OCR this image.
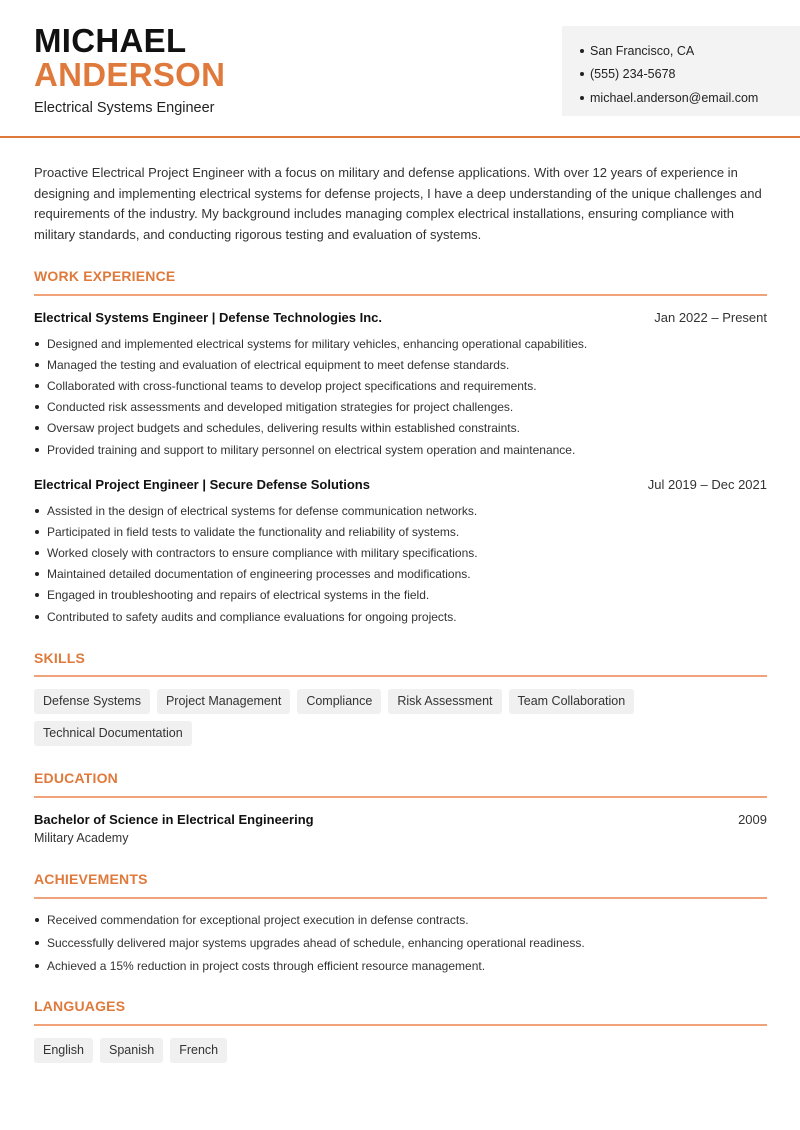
MICHAEL
ANDERSON
Electrical Systems Engineer
San Francisco, CA
(555) 234-5678
michael.anderson@email.com

Proactive Electrical Project Engineer with a focus on military and defense applications. With over 12 years of experience in designing and implementing electrical systems for defense projects, I have a deep understanding of the unique challenges and requirements of the industry. My background includes managing complex electrical installations, ensuring compliance with military standards, and conducting rigorous testing and evaluation of systems.

WORK EXPERIENCE
Electrical Systems Engineer | Defense Technologies Inc.	Jan 2022 – Present
Designed and implemented electrical systems for military vehicles, enhancing operational capabilities.
Managed the testing and evaluation of electrical equipment to meet defense standards.
Collaborated with cross-functional teams to develop project specifications and requirements.
Conducted risk assessments and developed mitigation strategies for project challenges.
Oversaw project budgets and schedules, delivering results within established constraints.
Provided training and support to military personnel on electrical system operation and maintenance.
Electrical Project Engineer | Secure Defense Solutions	Jul 2019 – Dec 2021
Assisted in the design of electrical systems for defense communication networks.
Participated in field tests to validate the functionality and reliability of systems.
Worked closely with contractors to ensure compliance with military specifications.
Maintained detailed documentation of engineering processes and modifications.
Engaged in troubleshooting and repairs of electrical systems in the field.
Contributed to safety audits and compliance evaluations for ongoing projects.
SKILLS
Defense Systems	Project Management	Compliance	Risk Assessment	Team Collaboration
Technical Documentation
EDUCATION
Bachelor of Science in Electrical Engineering	2009
Military Academy
ACHIEVEMENTS
Received commendation for exceptional project execution in defense contracts.
Successfully delivered major systems upgrades ahead of schedule, enhancing operational readiness.
Achieved a 15% reduction in project costs through efficient resource management.
LANGUAGES
English	Spanish	French
